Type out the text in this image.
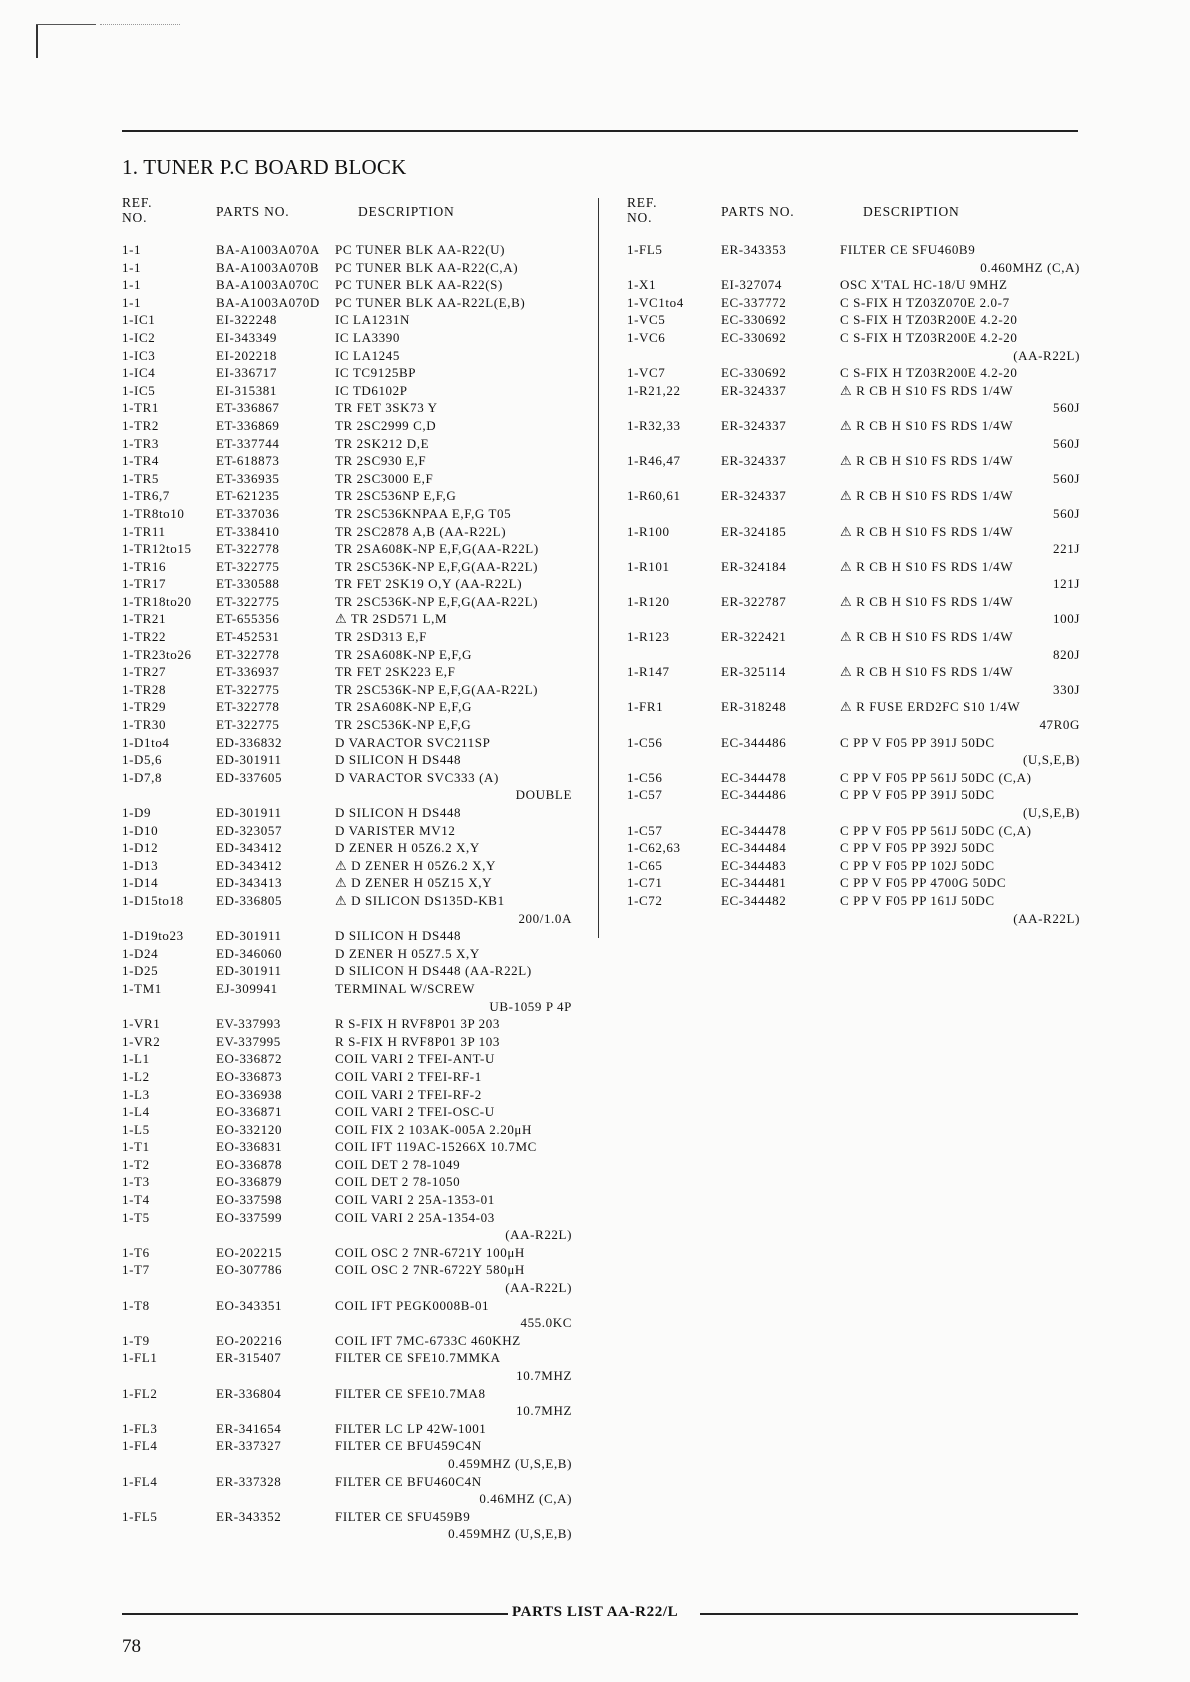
1. TUNER P.C BOARD BLOCK
REF.
NO.	PARTS NO.	DESCRIPTION
1-1	BA-A1003A070A PC TUNER BLK AA-R22(U)
1-1	BA-A1003A070B PC TUNER BLK AA-R22(C,A)
1-1	BA-A1003A070C PC TUNER BLK AA-R22(S)
1-1	BA-A1003A070D PC TUNER BLK AA-R22L(E,B)
1-IC1	EI-322248	IC LA1231N
1-IC2	EI-343349	IC LA3390
1-IC3	EI-202218	IC LA1245
1-IC4	EI-336717	IC TC9125BP
1-IC5	EI-315381	IC TD6102P
1-TR1	ET-336867	TR FET 3SK73 Y
1-TR2	ET-336869	TR 2SC2999 C,D
1-TR3	ET-337744	TR 2SK212 D,E
1-TR4	ET-618873	TR 2SC930 E,F
1-TR5	ET-336935	TR 2SC3000 E,F
1-TR6,7	ET-621235	TR 2SC536NP E,F,G
1-TR8to10 ET-337036	TR 2SC536KNPAA E,F,G T05
1-TR11	ET-338410	TR 2SC2878 A,B (AA-R22L)
1-TR12to15 ET-322778	TR 2SA608K-NP E,F,G(AA-R22L)
1-TR16	ET-322775	TR 2SC536K-NP E,F,G(AA-R22L)
1-TR17	ET-330588	TR FET 2SK19 O,Y (AA-R22L)
1-TR18to20 ET-322775	TR 2SC536K-NP E,F,G(AA-R22L)
1-TR21	ET-655356	⚠ TR 2SD571 L,M
1-TR22	ET-452531	TR 2SD313 E,F
1-TR23to26 ET-322778	TR 2SA608K-NP E,F,G
1-TR27	ET-336937	TR FET 2SK223 E,F
1-TR28	ET-322775	TR 2SC536K-NP E,F,G(AA-R22L)
1-TR29	ET-322778	TR 2SA608K-NP E,F,G
1-TR30	ET-322775	TR 2SC536K-NP E,F,G
1-D1to4	ED-336832	D VARACTOR SVC211SP
1-D5,6	ED-301911	D SILICON H DS448
1-D7,8	ED-337605	D VARACTOR SVC333 (A)
DOUBLE
1-D9	ED-301911	D SILICON H DS448
1-D10	ED-323057	D VARISTER MV12
1-D12	ED-343412	D ZENER H 05Z6.2 X,Y
1-D13	ED-343412	⚠ D ZENER H 05Z6.2 X,Y
1-D14	ED-343413	⚠ D ZENER H 05Z15 X,Y
1-D15to18 ED-336805	⚠ D SILICON DS135D-KB1
200/1.0A
1-D19to23 ED-301911	D SILICON H DS448
1-D24	ED-346060	D ZENER H 05Z7.5 X,Y
1-D25	ED-301911	D SILICON H DS448 (AA-R22L)
1-TM1	EJ-309941	TERMINAL W/SCREW
UB-1059 P 4P
1-VR1	EV-337993	R S-FIX H RVF8P01 3P 203
1-VR2	EV-337995	R S-FIX H RVF8P01 3P 103
1-L1	EO-336872	COIL VARI 2 TFEI-ANT-U
1-L2	EO-336873	COIL VARI 2 TFEI-RF-1
1-L3	EO-336938	COIL VARI 2 TFEI-RF-2
1-L4	EO-336871	COIL VARI 2 TFEI-OSC-U
1-L5	EO-332120	COIL FIX 2 103AK-005A 2.20μH
1-T1	EO-336831	COIL IFT 119AC-15266X 10.7MC
1-T2	EO-336878	COIL DET 2 78-1049
1-T3	EO-336879	COIL DET 2 78-1050
1-T4	EO-337598	COIL VARI 2 25A-1353-01
1-T5	EO-337599	COIL VARI 2 25A-1354-03
(AA-R22L)
1-T6	EO-202215	COIL OSC 2 7NR-6721Y 100μH
1-T7	EO-307786	COIL OSC 2 7NR-6722Y 580μH
(AA-R22L)
1-T8	EO-343351	COIL IFT PEGK0008B-01
455.0KC
1-T9	EO-202216	COIL IFT 7MC-6733C 460KHZ
1-FL1	ER-315407	FILTER CE SFE10.7MMKA
10.7MHZ
1-FL2	ER-336804	FILTER CE SFE10.7MA8
10.7MHZ
1-FL3	ER-341654	FILTER LC LP 42W-1001
1-FL4	ER-337327	FILTER CE BFU459C4N
0.459MHZ (U,S,E,B)
1-FL4	ER-337328	FILTER CE BFU460C4N
0.46MHZ (C,A)
1-FL5	ER-343352	FILTER CE SFU459B9
0.459MHZ (U,S,E,B)
REF.
NO.	PARTS NO.	DESCRIPTION
1-FL5	ER-343353	FILTER CE SFU460B9
0.460MHZ (C,A)
1-X1	EI-327074	OSC X'TAL HC-18/U 9MHZ
1-VC1to4	EC-337772	C S-FIX H TZ03Z070E 2.0-7
1-VC5	EC-330692	C S-FIX H TZ03R200E 4.2-20
1-VC6	EC-330692	C S-FIX H TZ03R200E 4.2-20
(AA-R22L)
1-VC7	EC-330692	C S-FIX H TZ03R200E 4.2-20
1-R21,22	ER-324337	⚠ R CB H S10 FS RDS 1/4W
560J
1-R32,33	ER-324337	⚠ R CB H S10 FS RDS 1/4W
560J
1-R46,47	ER-324337	⚠ R CB H S10 FS RDS 1/4W
560J
1-R60,61	ER-324337	⚠ R CB H S10 FS RDS 1/4W
560J
1-R100	ER-324185	⚠ R CB H S10 FS RDS 1/4W
221J
1-R101	ER-324184	⚠ R CB H S10 FS RDS 1/4W
121J
1-R120	ER-322787	⚠ R CB H S10 FS RDS 1/4W
100J
1-R123	ER-322421	⚠ R CB H S10 FS RDS 1/4W
820J
1-R147	ER-325114	⚠ R CB H S10 FS RDS 1/4W
330J
1-FR1	ER-318248	⚠ R FUSE ERD2FC S10 1/4W
47R0G
1-C56	EC-344486	C PP V F05 PP 391J 50DC
(U,S,E,B)
1-C56	EC-344478	C PP V F05 PP 561J 50DC (C,A)
1-C57	EC-344486	C PP V F05 PP 391J 50DC
(U,S,E,B)
1-C57	EC-344478	C PP V F05 PP 561J 50DC (C,A)
1-C62,63	EC-344484	C PP V F05 PP 392J 50DC
1-C65	EC-344483	C PP V F05 PP 102J 50DC
1-C71	EC-344481	C PP V F05 PP 4700G 50DC
1-C72	EC-344482	C PP V F05 PP 161J 50DC
(AA-R22L)
PARTS LIST AA-R22/L
78
